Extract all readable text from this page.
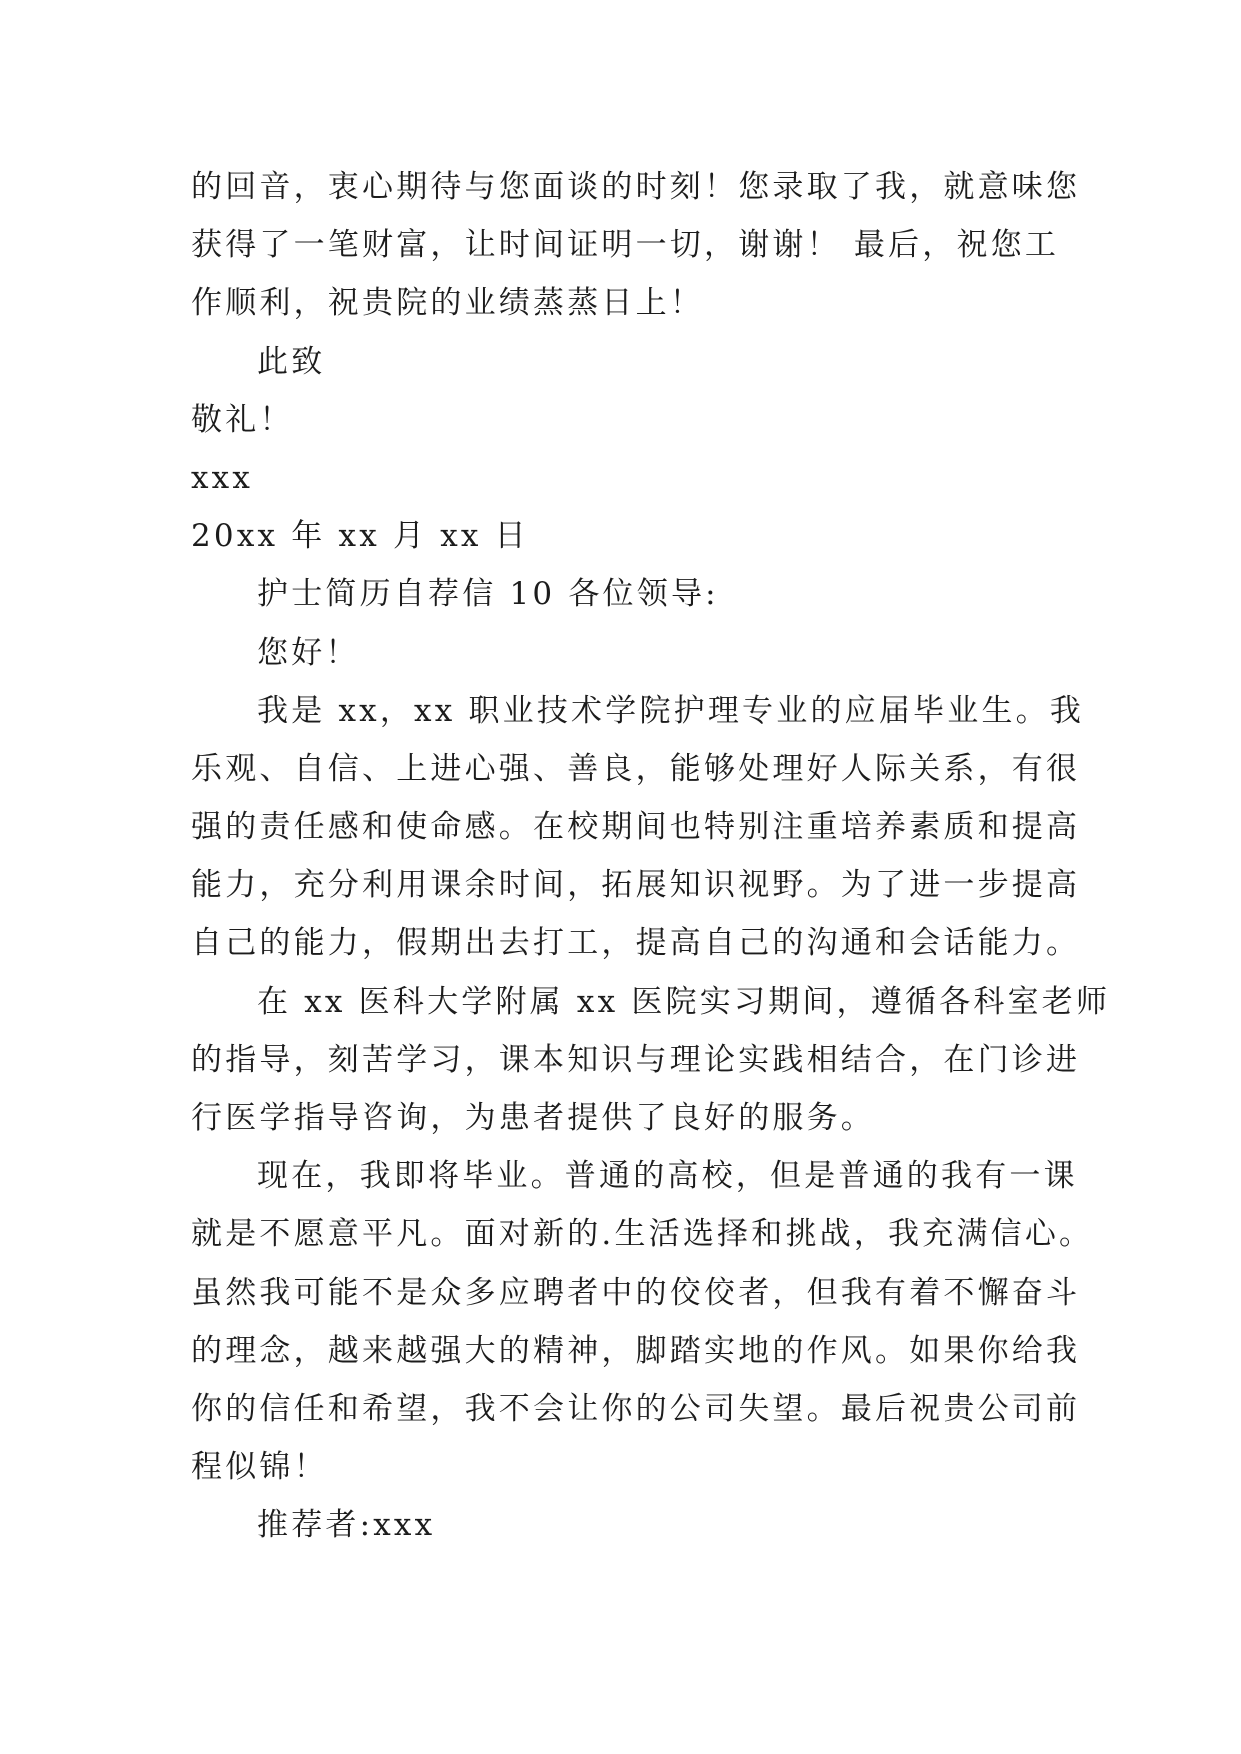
的回音，衷心期待与您面谈的时刻！您录取了我，就意味您
获得了一笔财富，让时间证明一切，谢谢！ 最后，祝您工
作顺利，祝贵院的业绩蒸蒸日上！
此致
敬礼！
xxx
20xx 年 xx 月 xx 日
护士简历自荐信 10 各位领导:
您好！
我是 xx，xx 职业技术学院护理专业的应届毕业生。我
乐观、自信、上进心强、善良，能够处理好人际关系，有很
强的责任感和使命感。在校期间也特别注重培养素质和提高
能力，充分利用课余时间，拓展知识视野。为了进一步提高
自己的能力，假期出去打工，提高自己的沟通和会话能力。
在 xx 医科大学附属 xx 医院实习期间，遵循各科室老师
的指导，刻苦学习，课本知识与理论实践相结合，在门诊进
行医学指导咨询，为患者提供了良好的服务。
现在，我即将毕业。普通的高校，但是普通的我有一课
就是不愿意平凡。面对新的.生活选择和挑战，我充满信心。
虽然我可能不是众多应聘者中的佼佼者，但我有着不懈奋斗
的理念，越来越强大的精神，脚踏实地的作风。如果你给我
你的信任和希望，我不会让你的公司失望。最后祝贵公司前
程似锦！
推荐者:xxx
